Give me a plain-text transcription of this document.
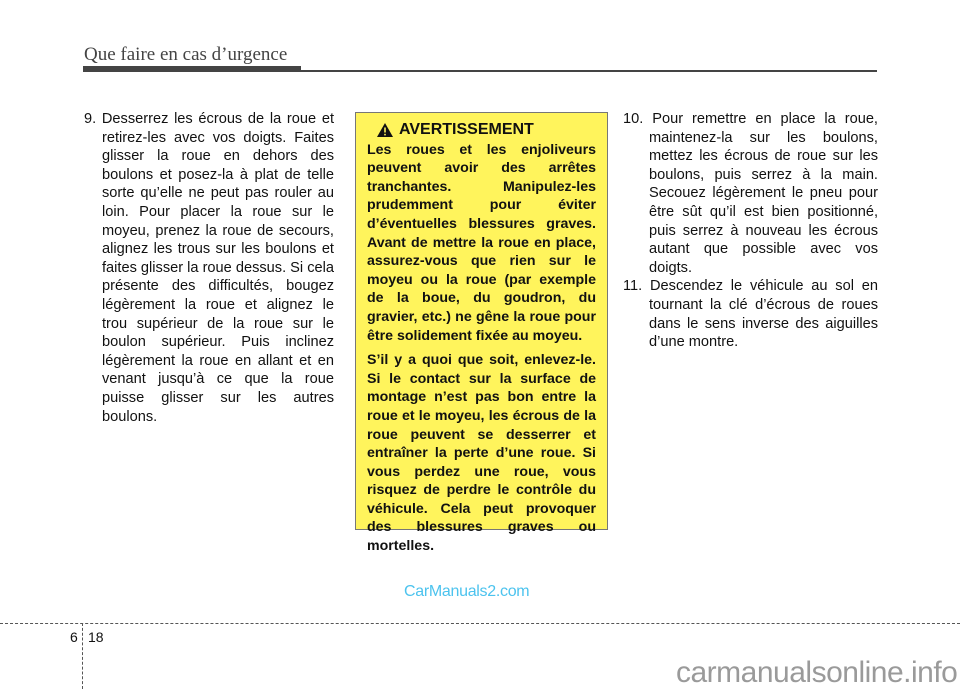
Que faire en cas d’urgence

9. Desserrez les écrous de la roue et retirez-les avec vos doigts. Faites glisser la roue en dehors des boulons et posez-la à plat de telle sorte qu’elle ne peut pas rouler au loin. Pour placer la roue sur le moyeu, prenez la roue de secours, alignez les trous sur les boulons et faites glisser la roue dessus. Si cela présente des difficultés, bougez légèrement la roue et alignez le trou supérieur de la roue sur le boulon supérieur. Puis inclinez légèrement la roue en allant et en venant jusqu’à ce que la roue puisse glisser sur les autres boulons.

AVERTISSEMENT

Les roues et les enjoliveurs peuvent avoir des arrêtes tranchantes. Manipulez-les prudemment pour éviter d’éventuelles blessures graves. Avant de mettre la roue en place, assurez-vous que rien sur le moyeu ou la roue (par exemple de la boue, du goudron, du gravier, etc.) ne gêne la roue pour être solidement fixée au moyeu.

S’il y a quoi que soit, enlevez-le. Si le contact sur la surface de montage n’est pas bon entre la roue et le moyeu, les écrous de la roue peuvent se desserrer et entraîner la perte d’une roue. Si vous perdez une roue, vous risquez de perdre le contrôle du véhicule. Cela peut provoquer des blessures graves ou mortelles.

10. Pour remettre en place la roue, maintenez-la sur les boulons, mettez les écrous de roue sur les boulons, puis serrez à la main. Secouez légèrement le pneu pour être sût qu’il est bien positionné, puis serrez à nouveau les écrous autant que possible avec vos doigts.

11. Descendez le véhicule au sol en tournant la clé d’écrous de roues dans le sens inverse des aiguilles d’une montre.

CarManuals2.com
6 18
carmanualsonline.info
